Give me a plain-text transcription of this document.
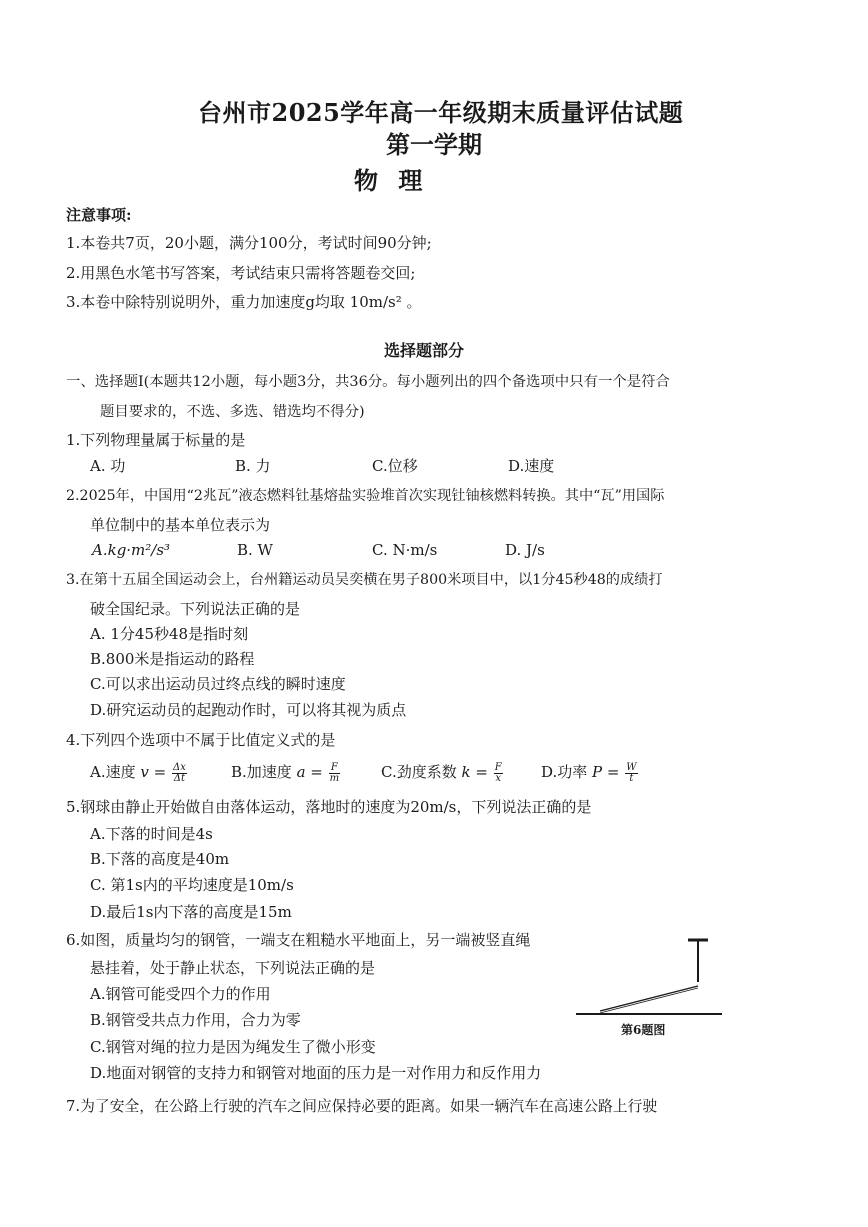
台州市2025学年高一年级期末质量评估试题
第一学期
物 理
注意事项:
1.本卷共7页，20小题，满分100分，考试时间90分钟;
2.用黑色水笔书写答案，考试结束只需将答题卷交回;
3.本卷中除特别说明外，重力加速度g均取 10m/s² 。
选择题部分
一、选择题Ⅰ(本题共12小题，每小题3分，共36分。每小题列出的四个备选项中只有一个是符合
题目要求的，不选、多选、错选均不得分)
1.下列物理量属于标量的是
A. 功	B. 力	C.位移	D.速度
2.2025年，中国用“2兆瓦”液态燃料钍基熔盐实验堆首次实现钍铀核燃料转换。其中“瓦”用国际
单位制中的基本单位表示为
A.kg·m²/s³	B. W	C. N·m/s	D. J/s
3.在第十五届全国运动会上，台州籍运动员吴奕横在男子800米项目中，以1分45秒48的成绩打
破全国纪录。下列说法正确的是
A. 1分45秒48是指时刻
B.800米是指运动的路程
C.可以求出运动员过终点线的瞬时速度
D.研究运动员的起跑动作时，可以将其视为质点
4.下列四个选项中不属于比值定义式的是
A.速度 $v = \frac{\Delta x}{\Delta t}$	B.加速度 $a = \frac{F}{m}$	C.劲度系数 $k = \frac{F}{x}$	D.功率 $P = \frac{W}{t}$
5.钢球由静止开始做自由落体运动，落地时的速度为20m/s，下列说法正确的是
A.下落的时间是4s
B.下落的高度是40m
C. 第1s内的平均速度是10m/s
D.最后1s内下落的高度是15m
6.如图，质量均匀的钢管，一端支在粗糙水平地面上，另一端被竖直绳
悬挂着，处于静止状态，下列说法正确的是
A.钢管可能受四个力的作用
B.钢管受共点力作用，合力为零
C.钢管对绳的拉力是因为绳发生了微小形变
D.地面对钢管的支持力和钢管对地面的压力是一对作用力和反作用力
第6题图
7.为了安全，在公路上行驶的汽车之间应保持必要的距离。如果一辆汽车在高速公路上行驶
